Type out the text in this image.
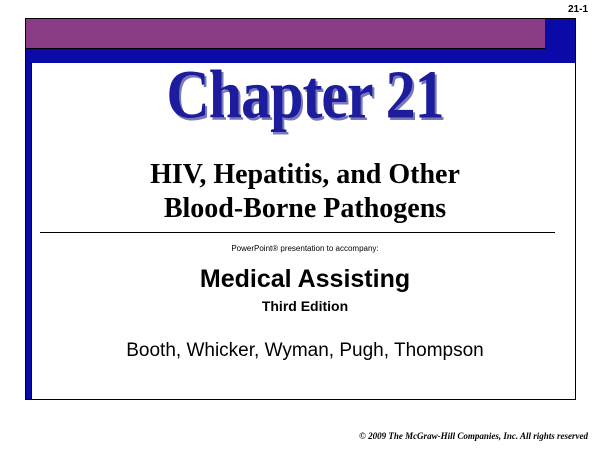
21-1
Chapter 21
HIV, Hepatitis, and Other
Blood-Borne Pathogens
PowerPoint® presentation to accompany:
Medical Assisting
Third Edition
Booth, Whicker, Wyman, Pugh, Thompson
© 2009 The McGraw-Hill Companies, Inc. All rights reserved
